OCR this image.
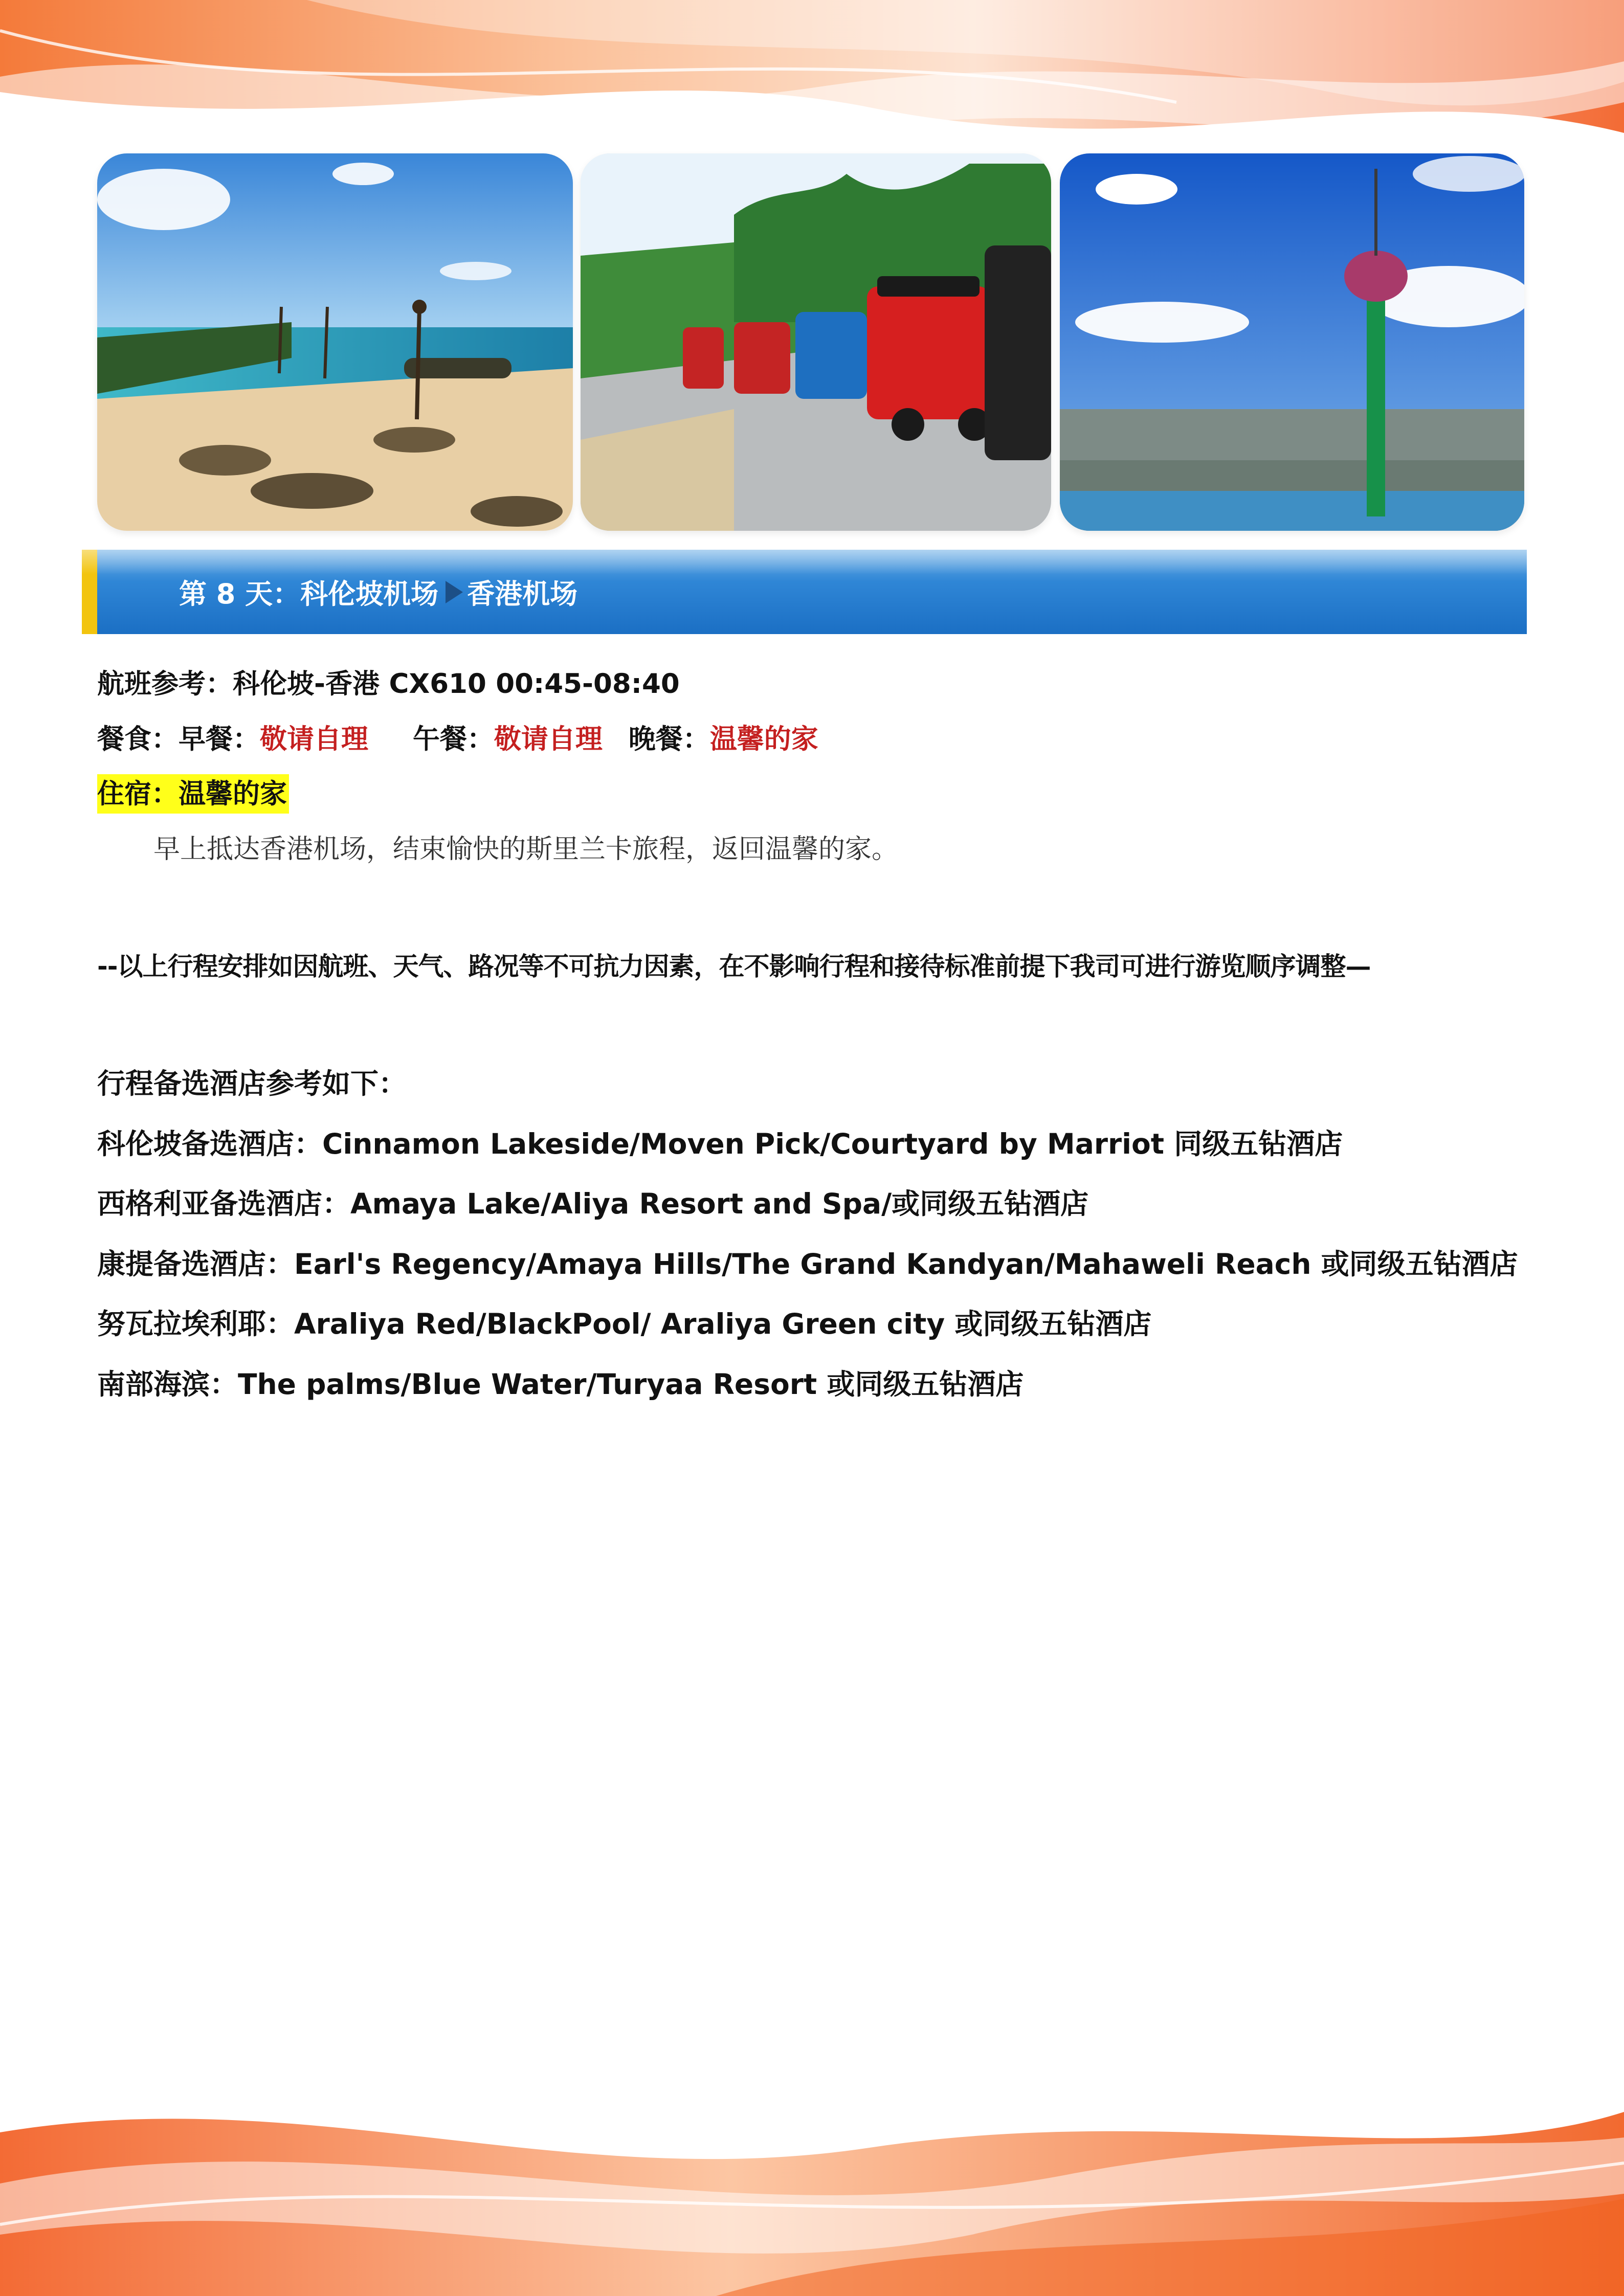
第 8 天：科伦坡机场 香港机场
航班参考：科伦坡-香港 CX610 00:45-08:40
餐食：早餐：敬请自理 午餐：敬请自理 晚餐：温馨的家
住宿：温馨的家
早上抵达香港机场，结束愉快的斯里兰卡旅程，返回温馨的家。
--以上行程安排如因航班、天气、路况等不可抗力因素，在不影响行程和接待标准前提下我司可进行游览顺序调整—
行程备选酒店参考如下：
科伦坡备选酒店：Cinnamon Lakeside/Moven Pick/Courtyard by Marriot 同级五钻酒店
西格利亚备选酒店：Amaya Lake/Aliya Resort and Spa/或同级五钻酒店
康提备选酒店：Earl's Regency/Amaya Hills/The Grand Kandyan/Mahaweli Reach 或同级五钻酒店
努瓦拉埃利耶：Araliya Red/BlackPool/ Araliya Green city 或同级五钻酒店
南部海滨：The palms/Blue Water/Turyaa Resort 或同级五钻酒店
